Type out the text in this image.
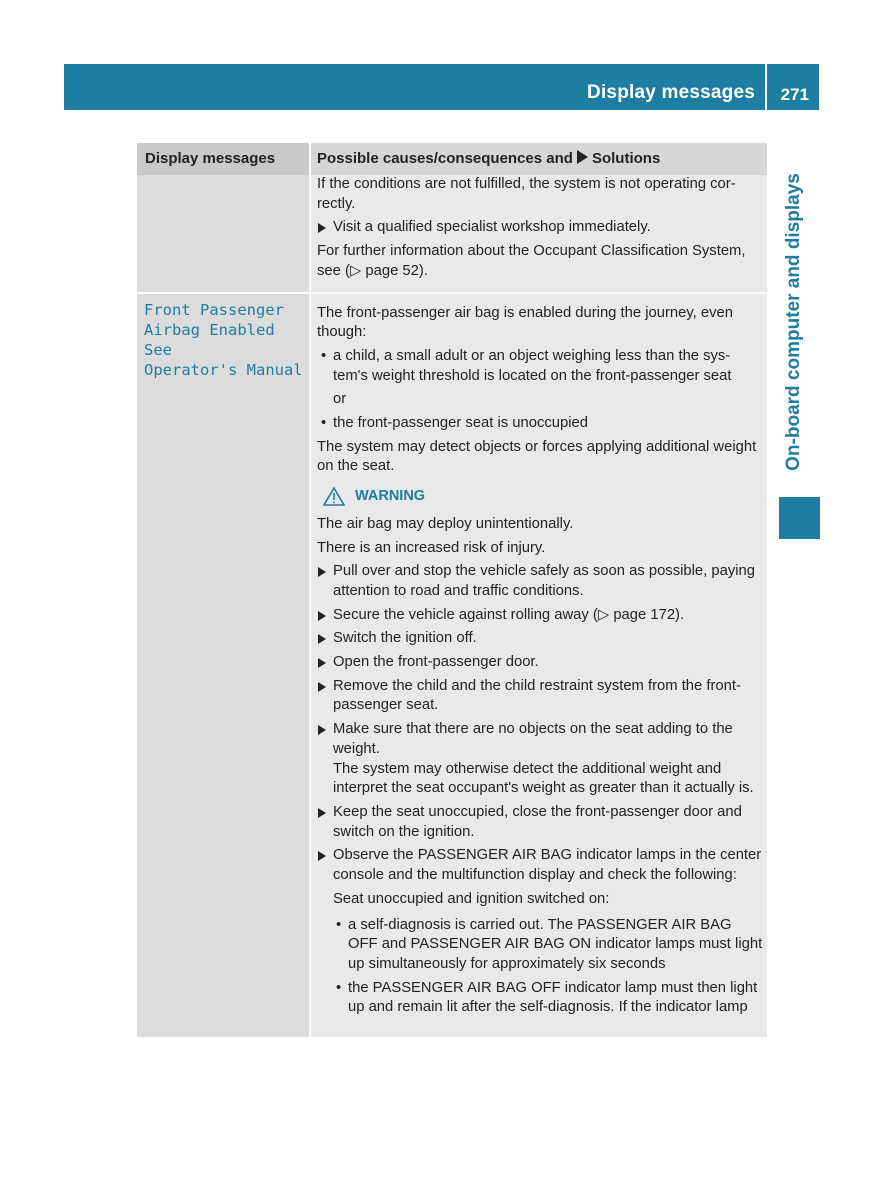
Display messages 271
On-board computer and displays
Display messages	Possible causes/consequences and Solutions
Front Passenger
Airbag Enabled See
Operator's Manual
If the conditions are not fulfilled, the system is not operating cor-rectly.
Visit a qualified specialist workshop immediately.
For further information about the Occupant Classification System, see (▷ page 52).
The front-passenger air bag is enabled during the journey, even though:
• a child, a small adult or an object weighing less than the sys-tem's weight threshold is located on the front-passenger seat
or
• the front-passenger seat is unoccupied
The system may detect objects or forces applying additional weight on the seat.
WARNING
The air bag may deploy unintentionally.
There is an increased risk of injury.
Pull over and stop the vehicle safely as soon as possible, paying attention to road and traffic conditions.
Secure the vehicle against rolling away (▷ page 172).
Switch the ignition off.
Open the front-passenger door.
Remove the child and the child restraint system from the front-passenger seat.
Make sure that there are no objects on the seat adding to the weight.
The system may otherwise detect the additional weight and interpret the seat occupant's weight as greater than it actually is.
Keep the seat unoccupied, close the front-passenger door and switch on the ignition.
Observe the PASSENGER AIR BAG indicator lamps in the center console and the multifunction display and check the following:
Seat unoccupied and ignition switched on:
• a self-diagnosis is carried out. The PASSENGER AIR BAG OFF and PASSENGER AIR BAG ON indicator lamps must light up simultaneously for approximately six seconds
• the PASSENGER AIR BAG OFF indicator lamp must then light up and remain lit after the self-diagnosis. If the indicator lamp
